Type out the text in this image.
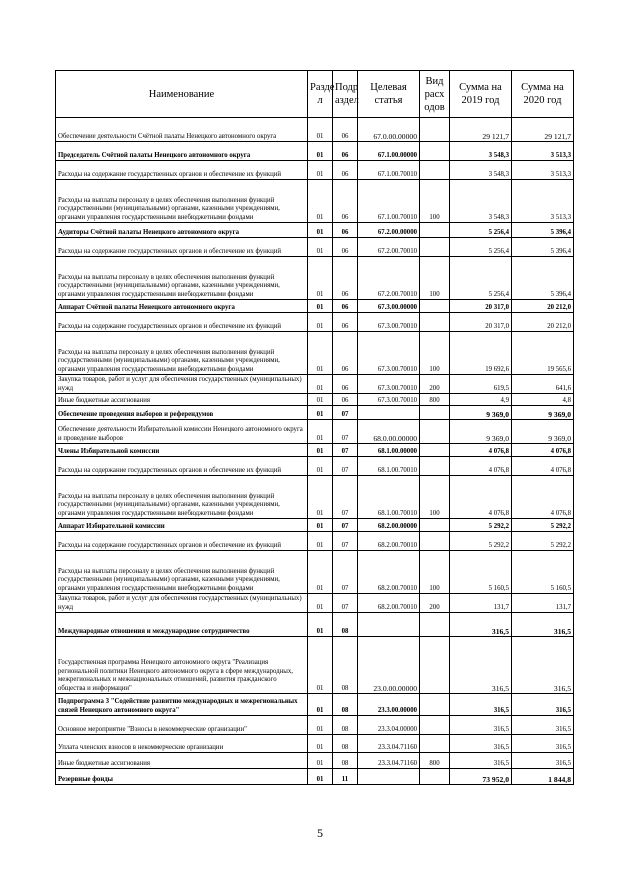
Наименование	Разде л	Подр аздел	Целевая статья	Вид расх одов	Сумма на 2019 год	Сумма на 2020 год
Обеспечение деятельности Счётной палаты Ненецкого автономного округа	01	06	67.0.00.00000		29 121,7	29 121,7
Председатель Счётной палаты Ненецкого автономного округа	01	06	67.1.00.00000		3 548,3	3 513,3
Расходы на содержание государственных органов и обеспечение их функций	01	06	67.1.00.70010		3 548,3	3 513,3
Расходы на выплаты персоналу в целях обеспечения выполнения функций государственными (муниципальными) органами, казенными учреждениями, органами управления государственными внебюджетными фондами	01	06	67.1.00.70010	100	3 548,3	3 513,3
Аудиторы Счётной палаты Ненецкого автономного округа	01	06	67.2.00.00000		5 256,4	5 396,4
Расходы на содержание государственных органов и обеспечение их функций	01	06	67.2.00.70010		5 256,4	5 396,4
Расходы на выплаты персоналу в целях обеспечения выполнения функций государственными (муниципальными) органами, казенными учреждениями, органами управления государственными внебюджетными фондами	01	06	67.2.00.70010	100	5 256,4	5 396,4
Аппарат Счётной палаты Ненецкого автономного округа	01	06	67.3.00.00000		20 317,0	20 212,0
Расходы на содержание государственных органов и обеспечение их функций	01	06	67.3.00.70010		20 317,0	20 212,0
Расходы на выплаты персоналу в целях обеспечения выполнения функций государственными (муниципальными) органами, казенными учреждениями, органами управления государственными внебюджетными фондами	01	06	67.3.00.70010	100	19 692,6	19 565,6
Закупка товаров, работ и услуг для обеспечения государственных (муниципальных) нужд	01	06	67.3.00.70010	200	619,5	641,6
Иные бюджетные ассигнования	01	06	67.3.00.70010	800	4,9	4,8
Обеспечение проведения выборов и референдумов	01	07			9 369,0	9 369,0
Обеспечение деятельности Избирательной комиссии Ненецкого автономного округа и проведение выборов	01	07	68.0.00.00000		9 369,0	9 369,0
Члены Избирательной комиссии	01	07	68.1.00.00000		4 076,8	4 076,8
Расходы на содержание государственных органов и обеспечение их функций	01	07	68.1.00.70010		4 076,8	4 076,8
Расходы на выплаты персоналу в целях обеспечения выполнения функций государственными (муниципальными) органами, казенными учреждениями, органами управления государственными внебюджетными фондами	01	07	68.1.00.70010	100	4 076,8	4 076,8
Аппарат Избирательной комиссии	01	07	68.2.00.00000		5 292,2	5 292,2
Расходы на содержание государственных органов и обеспечение их функций	01	07	68.2.00.70010		5 292,2	5 292,2
Расходы на выплаты персоналу в целях обеспечения выполнения функций государственными (муниципальными) органами, казенными учреждениями, органами управления государственными внебюджетными фондами	01	07	68.2.00.70010	100	5 160,5	5 160,5
Закупка товаров, работ и услуг для обеспечения государственных (муниципальных) нужд	01	07	68.2.00.70010	200	131,7	131,7
Международные отношения и международное сотрудничество	01	08			316,5	316,5
Государственная программа Ненецкого автономного округа "Реализация региональной политики Ненецкого автономного округа в сфере международных, межрегиональных и межнациональных отношений, развития гражданского общества и информации"	01	08	23.0.00.00000		316,5	316,5
Подпрограмма 3 "Содействие развитию международных и межрегиональных связей Ненецкого автономного округа"	01	08	23.3.00.00000		316,5	316,5
Основное мероприятие "Взносы в некоммерческие организации"	01	08	23.3.04.00000		316,5	316,5
Уплата членских взносов в некоммерческие организации	01	08	23.3.04.71160		316,5	316,5
Иные бюджетные ассигнования	01	08	23.3.04.71160	800	316,5	316,5
Резервные фонды	01	11			73 952,0	1 844,8
5
